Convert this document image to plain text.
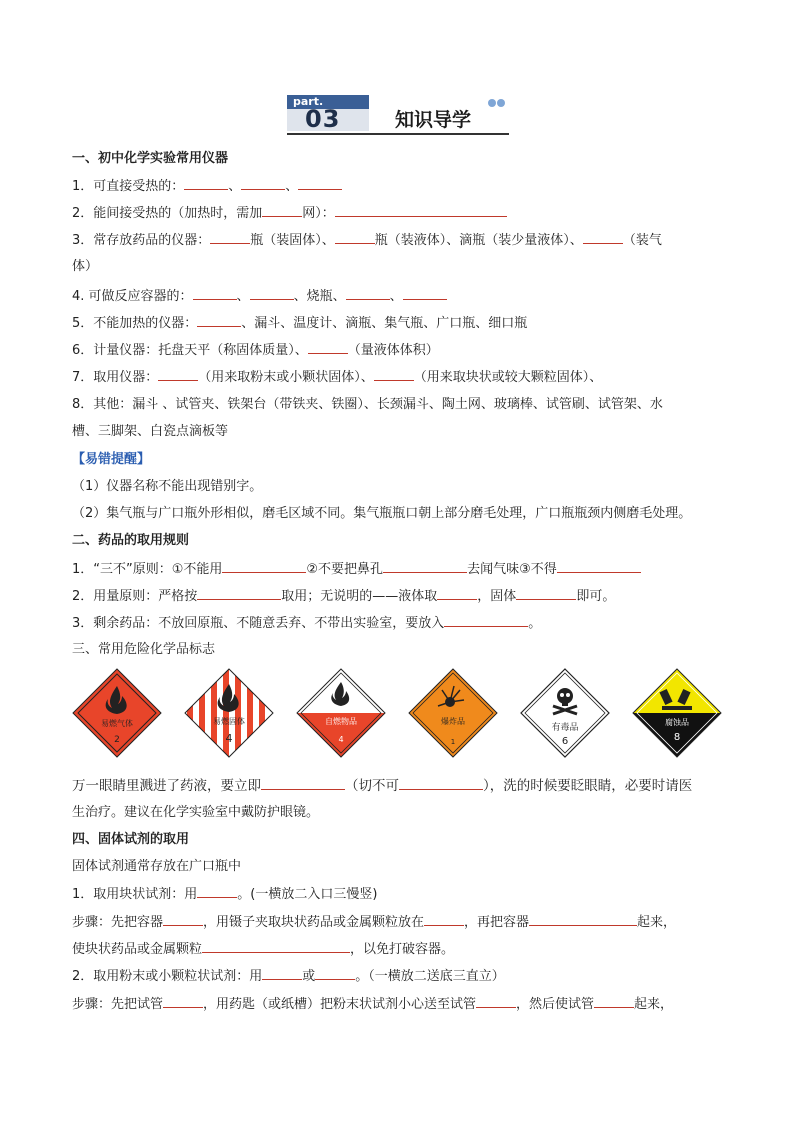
part.
03	知识导学
一、初中化学实验常用仪器
1．可直接受热的：	、	、
2．能间接受热的（加热时，需加	网）：
3．常存放药品的仪器：	瓶（装固体）、	瓶（装液体）、滴瓶（装少量液体）、	（装气
体）
4. 可做反应容器的：	、	、烧瓶、	、
5．不能加热的仪器：	、漏斗、温度计、滴瓶、集气瓶、广口瓶、细口瓶
6．计量仪器：托盘天平（称固体质量）、	（量液体体积）
7．取用仪器：	（用来取粉末或小颗状固体）、	（用来取块状或较大颗粒固体）、
8．其他：漏斗 、试管夹、铁架台（带铁夹、铁圈）、长颈漏斗、陶土网、玻璃棒、试管刷、试管架、水
槽、三脚架、白瓷点滴板等
【易错提醒】
（1）仪器名称不能出现错别字。
（2）集气瓶与广口瓶外形相似，磨毛区域不同。集气瓶瓶口朝上部分磨毛处理，广口瓶瓶颈内侧磨毛处理。
二、药品的取用规则
1．“三不”原则：①不能用	②不要把鼻孔	去闻气味③不得
2．用量原则：严格按	取用；无说明的——液体取	，固体	即可。
3．剩余药品：不放回原瓶、不随意丢弃、不带出实验室，要放入	。
三、常用危险化学品标志
易燃气体
2
易燃固体
4
自燃物品
4
爆炸品
1
有毒品
6
腐蚀品
8
万一眼睛里溅进了药液，要立即	（切不可	），洗的时候要眨眼睛，必要时请医
生治疗。建议在化学实验室中戴防护眼镜。
四、固体试剂的取用
固体试剂通常存放在广口瓶中
1．取用块状试剂：用	。(一横放二入口三慢竖)
步骤：先把容器	，用镊子夹取块状药品或金属颗粒放在	，再把容器	起来，
使块状药品或金属颗粒	，以免打破容器。
2．取用粉末或小颗粒状试剂：用	或	。（一横放二送底三直立）
步骤：先把试管	，用药匙（或纸槽）把粉末状试剂小心送至试管	，然后使试管	起来，
